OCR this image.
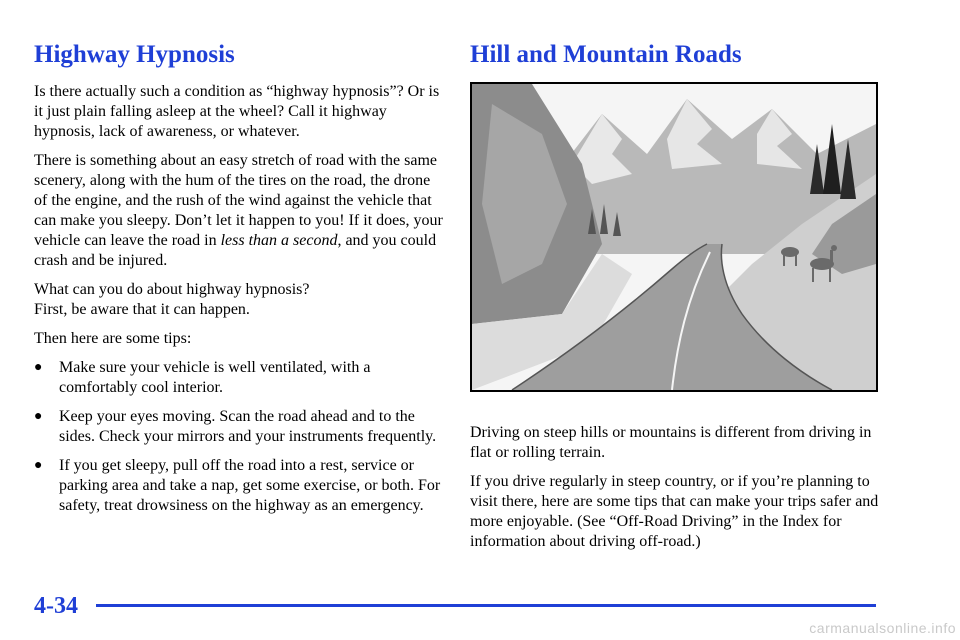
Highway Hypnosis

Is there actually such a condition as “highway hypnosis”? Or is it just plain falling asleep at the wheel? Call it highway hypnosis, lack of awareness, or whatever.

There is something about an easy stretch of road with the same scenery, along with the hum of the tires on the road, the drone of the engine, and the rush of the wind against the vehicle that can make you sleepy. Don’t let it happen to you! If it does, your vehicle can leave the road in less than a second, and you could crash and be injured.

What can you do about highway hypnosis?
First, be aware that it can happen.

Then here are some tips:

● Make sure your vehicle is well ventilated, with a comfortably cool interior.
● Keep your eyes moving. Scan the road ahead and to the sides. Check your mirrors and your instruments frequently.
● If you get sleepy, pull off the road into a rest, service or parking area and take a nap, get some exercise, or both. For safety, treat drowsiness on the highway as an emergency.
Hill and Mountain Roads

Driving on steep hills or mountains is different from driving in flat or rolling terrain.

If you drive regularly in steep country, or if you’re planning to visit there, here are some tips that can make your trips safer and more enjoyable. (See “Off-Road Driving” in the Index for information about driving off-road.)

4-34
carmanualsonline.info
